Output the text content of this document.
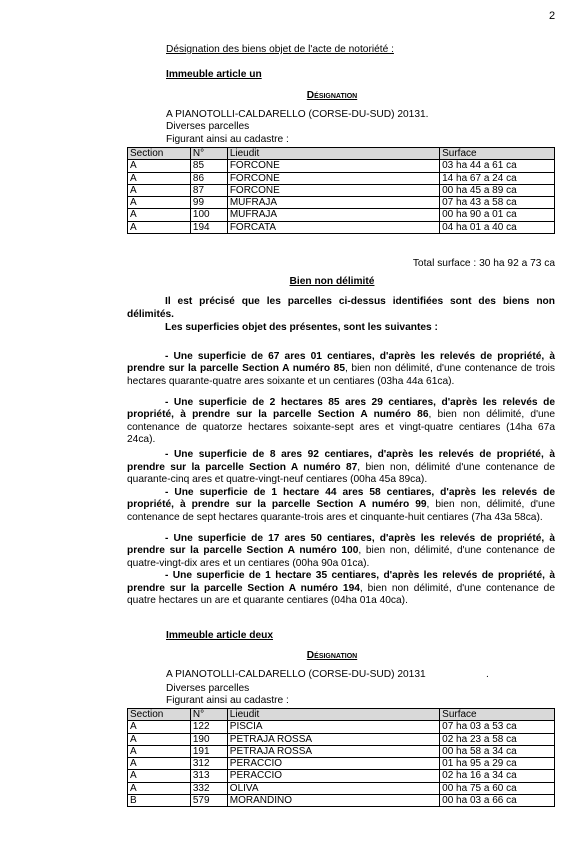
2
Désignation des biens objet de l'acte de notoriété :
Immeuble article un
Désignation
A PIANOTOLLI-CALDARELLO (CORSE-DU-SUD) 20131.
Diverses parcelles
Figurant ainsi au cadastre :
Section	N°	Lieudit	Surface
A	85	FORCONE	03 ha 44 a 61 ca
A	86	FORCONE	14 ha 67 a 24 ca
A	87	FORCONE	00 ha 45 a 89 ca
A	99	MUFRAJA	07 ha 43 a 58 ca
A	100	MUFRAJA	00 ha 90 a 01 ca
A	194	FORCATA	04 ha 01 a 40 ca
Total surface : 30 ha 92 a 73 ca
Bien non délimité

Il est précisé que les parcelles ci-dessus identifiées sont des biens non délimités.

Les superficies objet des présentes, sont les suivantes :

- Une superficie de 67 ares 01 centiares, d'après les relevés de propriété, à prendre sur la parcelle Section A numéro 85, bien non délimité, d'une contenance de trois hectares quarante-quatre ares soixante et un centiares (03ha 44a 61ca).

- Une superficie de 2 hectares 85 ares 29 centiares, d'après les relevés de propriété, à prendre sur la parcelle Section A numéro 86, bien non délimité, d'une contenance de quatorze hectares soixante-sept ares et vingt-quatre centiares (14ha 67a 24ca).

- Une superficie de 8 ares 92 centiares, d'après les relevés de propriété, à prendre sur la parcelle Section A numéro 87, bien non, délimité d'une contenance de quarante-cinq ares et quatre-vingt-neuf centiares (00ha 45a 89ca).

- Une superficie de 1 hectare 44 ares 58 centiares, d'après les relevés de propriété, à prendre sur la parcelle Section A numéro 99, bien non, délimité, d'une contenance de sept hectares quarante-trois ares et cinquante-huit centiares (7ha 43a 58ca).

- Une superficie de 17 ares 50 centiares, d'après les relevés de propriété, à prendre sur la parcelle Section A numéro 100, bien non, délimité, d'une contenance de quatre-vingt-dix ares et un centiares (00ha 90a 01ca).

- Une superficie de 1 hectare 35 centiares, d'après les relevés de propriété, à prendre sur la parcelle Section A numéro 194, bien non délimité, d'une contenance de quatre hectares un are et quarante centiares (04ha 01a 40ca).

Immeuble article deux
Désignation
A PIANOTOLLI-CALDARELLO (CORSE-DU-SUD) 20131	.
Diverses parcelles
Figurant ainsi au cadastre :
Section	N°	Lieudit	Surface
A	122	PISCIA	07 ha 03 a 53 ca
A	190	PETRAJA ROSSA	02 ha 23 a 58 ca
A	191	PETRAJA ROSSA	00 ha 58 a 34 ca
A	312	PERACCIO	01 ha 95 a 29 ca
A	313	PERACCIO	02 ha 16 a 34 ca
A	332	OLIVA	00 ha 75 a 60 ca
B	579	MORANDINO	00 ha 03 a 66 ca
